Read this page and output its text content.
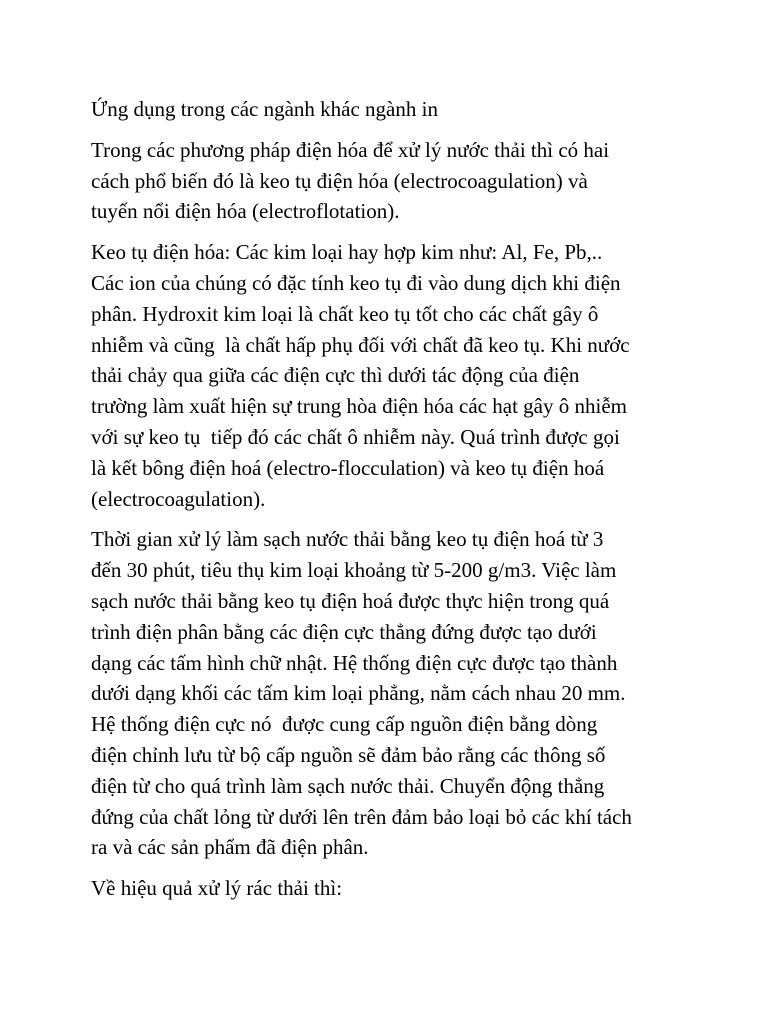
Ứng dụng trong các ngành khác ngành in

Trong các phương pháp điện hóa để xử lý nước thải thì có hai
cách phổ biến đó là keo tụ điện hóa (electrocoagulation) và
tuyến nổi điện hóa (electroflotation).

Keo tụ điện hóa: Các kim loại hay hợp kim như: Al, Fe, Pb,..
Các ion của chúng có đặc tính keo tụ đi vào dung dịch khi điện
phân. Hydroxit kim loại là chất keo tụ tốt cho các chất gây ô
nhiễm và cũng  là chất hấp phụ đối với chất đã keo tụ. Khi nước
thải chảy qua giữa các điện cực thì dưới tác động của điện
trường làm xuất hiện sự trung hòa điện hóa các hạt gây ô nhiễm
với sự keo tụ  tiếp đó các chất ô nhiễm này. Quá trình được gọi
là kết bông điện hoá (electro-flocculation) và keo tụ điện hoá
(electrocoagulation).

Thời gian xử lý làm sạch nước thải bằng keo tụ điện hoá từ 3
đến 30 phút, tiêu thụ kim loại khoảng từ 5-200 g/m3. Việc làm
sạch nước thải bằng keo tụ điện hoá được thực hiện trong quá
trình điện phân bằng các điện cực thẳng đứng được tạo dưới
dạng các tấm hình chữ nhật. Hệ thống điện cực được tạo thành
dưới dạng khối các tấm kim loại phẳng, nằm cách nhau 20 mm.
Hệ thống điện cực nó  được cung cấp nguồn điện bằng dòng
điện chỉnh lưu từ bộ cấp nguồn sẽ đảm bảo rằng các thông số
điện từ cho quá trình làm sạch nước thải. Chuyển động thẳng
đứng của chất lỏng từ dưới lên trên đảm bảo loại bỏ các khí tách
ra và các sản phẩm đã điện phân.

Về hiệu quả xử lý rác thải thì:
